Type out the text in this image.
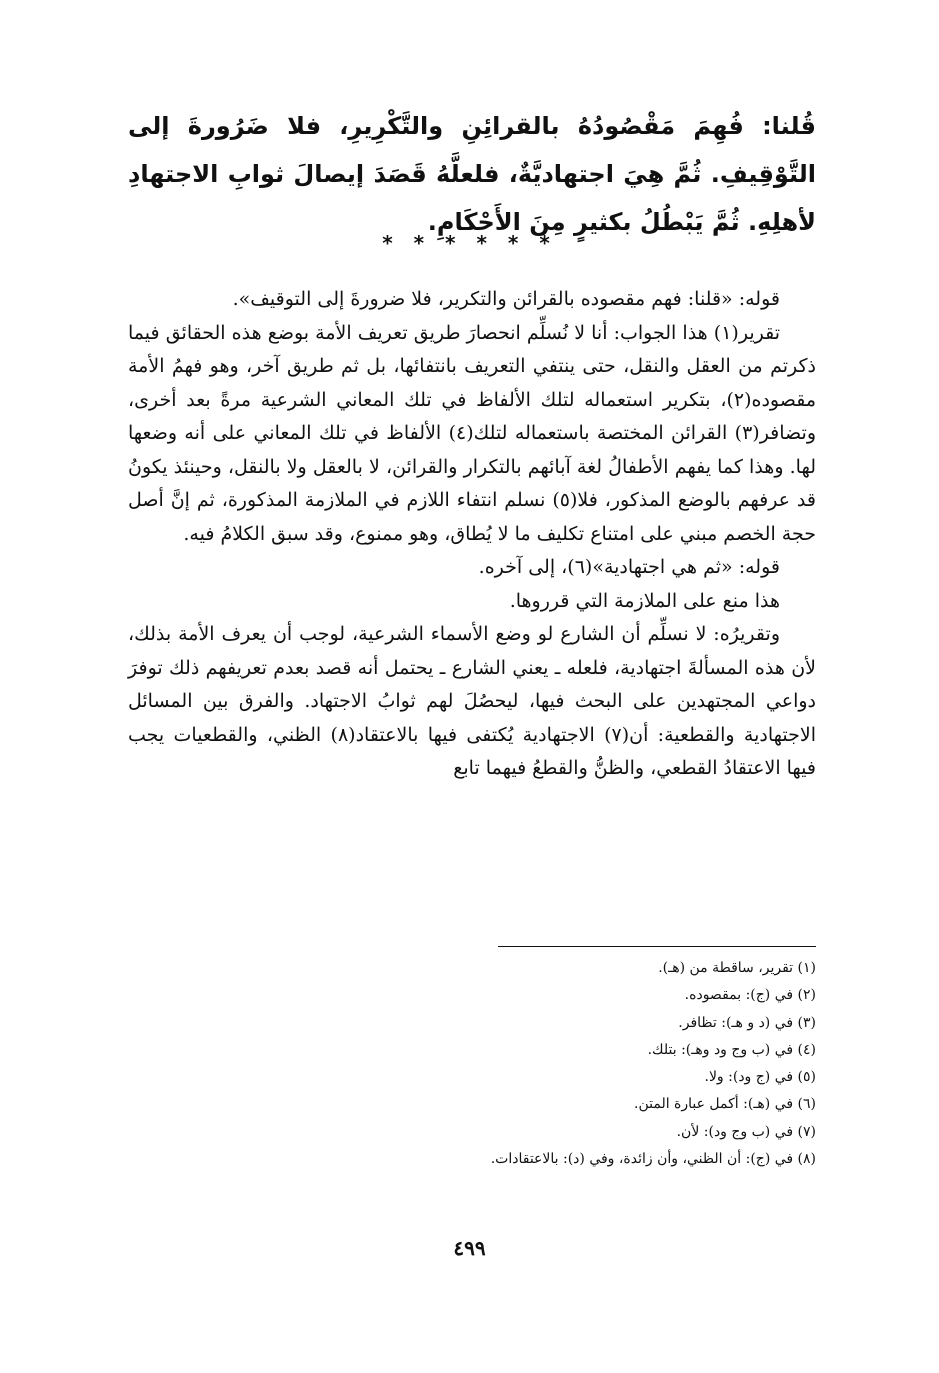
قُلنا: فُهِمَ مَقْصُودُهُ بالقرائِنِ والتَّكْرِيرِ، فلا ضَرُورةَ إلى التَّوْقِيفِ. ثُمَّ هِيَ اجتهاديَّةٌ، فلعلَّهُ قَصَدَ إيصالَ ثوابِ الاجتهادِ لأهلِهِ. ثُمَّ يَبْطُلُ بكثيرٍ مِنَ الأَحْكَامِ.
* * * * * *

قوله: «قلنا: فهم مقصوده بالقرائن والتكرير، فلا ضرورةَ إلى التوقيف».

تقرير(١) هذا الجواب: أنا لا نُسلِّم انحصارَ طريق تعريف الأمة بوضع هذه الحقائق فيما ذكرتم من العقل والنقل، حتى ينتفي التعريف بانتفائها، بل ثم طريق آخر، وهو فهمُ الأمة مقصوده(٢)، بتكرير استعماله لتلك الألفاظ في تلك المعاني الشرعية مرةً بعد أخرى، وتضافر(٣) القرائن المختصة باستعماله لتلك(٤) الألفاظ في تلك المعاني على أنه وضعها لها. وهذا كما يفهم الأطفالُ لغة آبائهم بالتكرار والقرائن، لا بالعقل ولا بالنقل، وحينئذ يكونُ قد عرفهم بالوضع المذكور، فلا(٥) نسلم انتفاء اللازم في الملازمة المذكورة، ثم إنَّ أصل حجة الخصم مبني على امتناع تكليف ما لا يُطاق، وهو ممنوع، وقد سبق الكلامُ فيه.

قوله: «ثم هي اجتهادية»(٦)، إلى آخره.

هذا منع على الملازمة التي قرروها.

وتقريرُه: لا نسلِّم أن الشارع لو وضع الأسماء الشرعية، لوجب أن يعرف الأمة بذلك، لأن هذه المسألةَ اجتهادية، فلعله ـ يعني الشارع ـ يحتمل أنه قصد بعدم تعريفهم ذلك توفرَ دواعي المجتهدين على البحث فيها، ليحصُلَ لهم ثوابُ الاجتهاد. والفرق بين المسائل الاجتهادية والقطعية: أن(٧) الاجتهادية يُكتفى فيها بالاعتقاد(٨) الظني، والقطعيات يجب فيها الاعتقادُ القطعي، والظنُّ والقطعُ فيهما تابع

(١) تقرير، ساقطة من (هـ).
(٢) في (ج): بمقصوده.
(٣) في (د و هـ): تظافر.
(٤) في (ب وج ود وهـ): بتلك.
(٥) في (ج ود): ولا.
(٦) في (هـ): أكمل عبارة المتن.
(٧) في (ب وج ود): لأن.
(٨) في (ج): أن الظني، وأن زائدة، وفي (د): بالاعتقادات.
٤٩٩
